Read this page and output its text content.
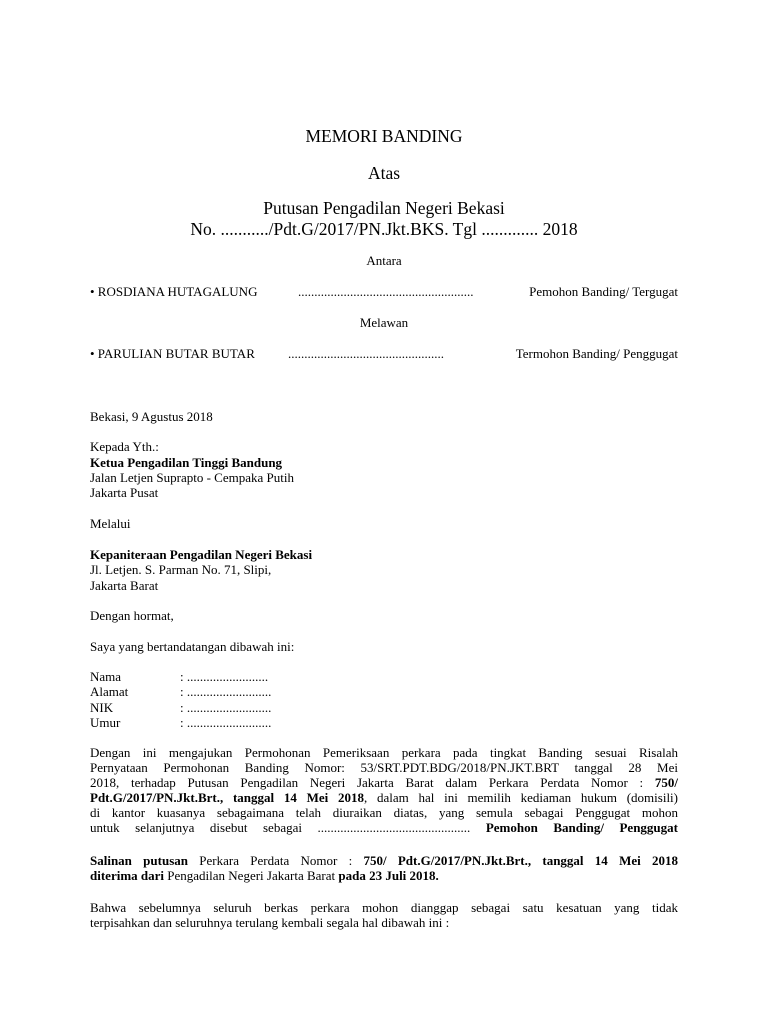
MEMORI BANDING
Atas
Putusan Pengadilan Negeri Bekasi
No. .........../Pdt.G/2017/PN.Jkt.BKS. Tgl ............. 2018
Antara
• ROSDIANA HUTAGALUNG	......................................................	Pemohon Banding/ Tergugat
Melawan
• PARULIAN BUTAR BUTAR	................................................	Termohon Banding/ Penggugat
Bekasi, 9 Agustus 2018
Kepada Yth.:
Ketua Pengadilan Tinggi Bandung
Jalan Letjen Suprapto - Cempaka Putih
Jakarta Pusat
Melalui
Kepaniteraan Pengadilan Negeri Bekasi
Jl. Letjen. S. Parman No. 71, Slipi,
Jakarta Barat
Dengan hormat,
Saya yang bertandatangan dibawah ini:
Nama	: .........................
Alamat	: ..........................
NIK	: ..........................
Umur	: ..........................
Dengan ini mengajukan Permohonan Pemeriksaan perkara pada tingkat Banding sesuai Risalah
Pernyataan Permohonan Banding Nomor: 53/SRT.PDT.BDG/2018/PN.JKT.BRT tanggal 28 Mei
2018, terhadap Putusan Pengadilan Negeri Jakarta Barat dalam Perkara Perdata Nomor : 750/
Pdt.G/2017/PN.Jkt.Brt., tanggal 14 Mei 2018, dalam hal ini memilih kediaman hukum (domisili)
di kantor kuasanya sebagaimana telah diuraikan diatas, yang semula sebagai Penggugat mohon
untuk selanjutnya disebut sebagai ............................................... Pemohon Banding/ Penggugat
Salinan putusan Perkara Perdata Nomor : 750/ Pdt.G/2017/PN.Jkt.Brt., tanggal 14 Mei 2018
diterima dari Pengadilan Negeri Jakarta Barat pada 23 Juli 2018.
Bahwa sebelumnya seluruh berkas perkara mohon dianggap sebagai satu kesatuan yang tidak
terpisahkan dan seluruhnya terulang kembali segala hal dibawah ini :
